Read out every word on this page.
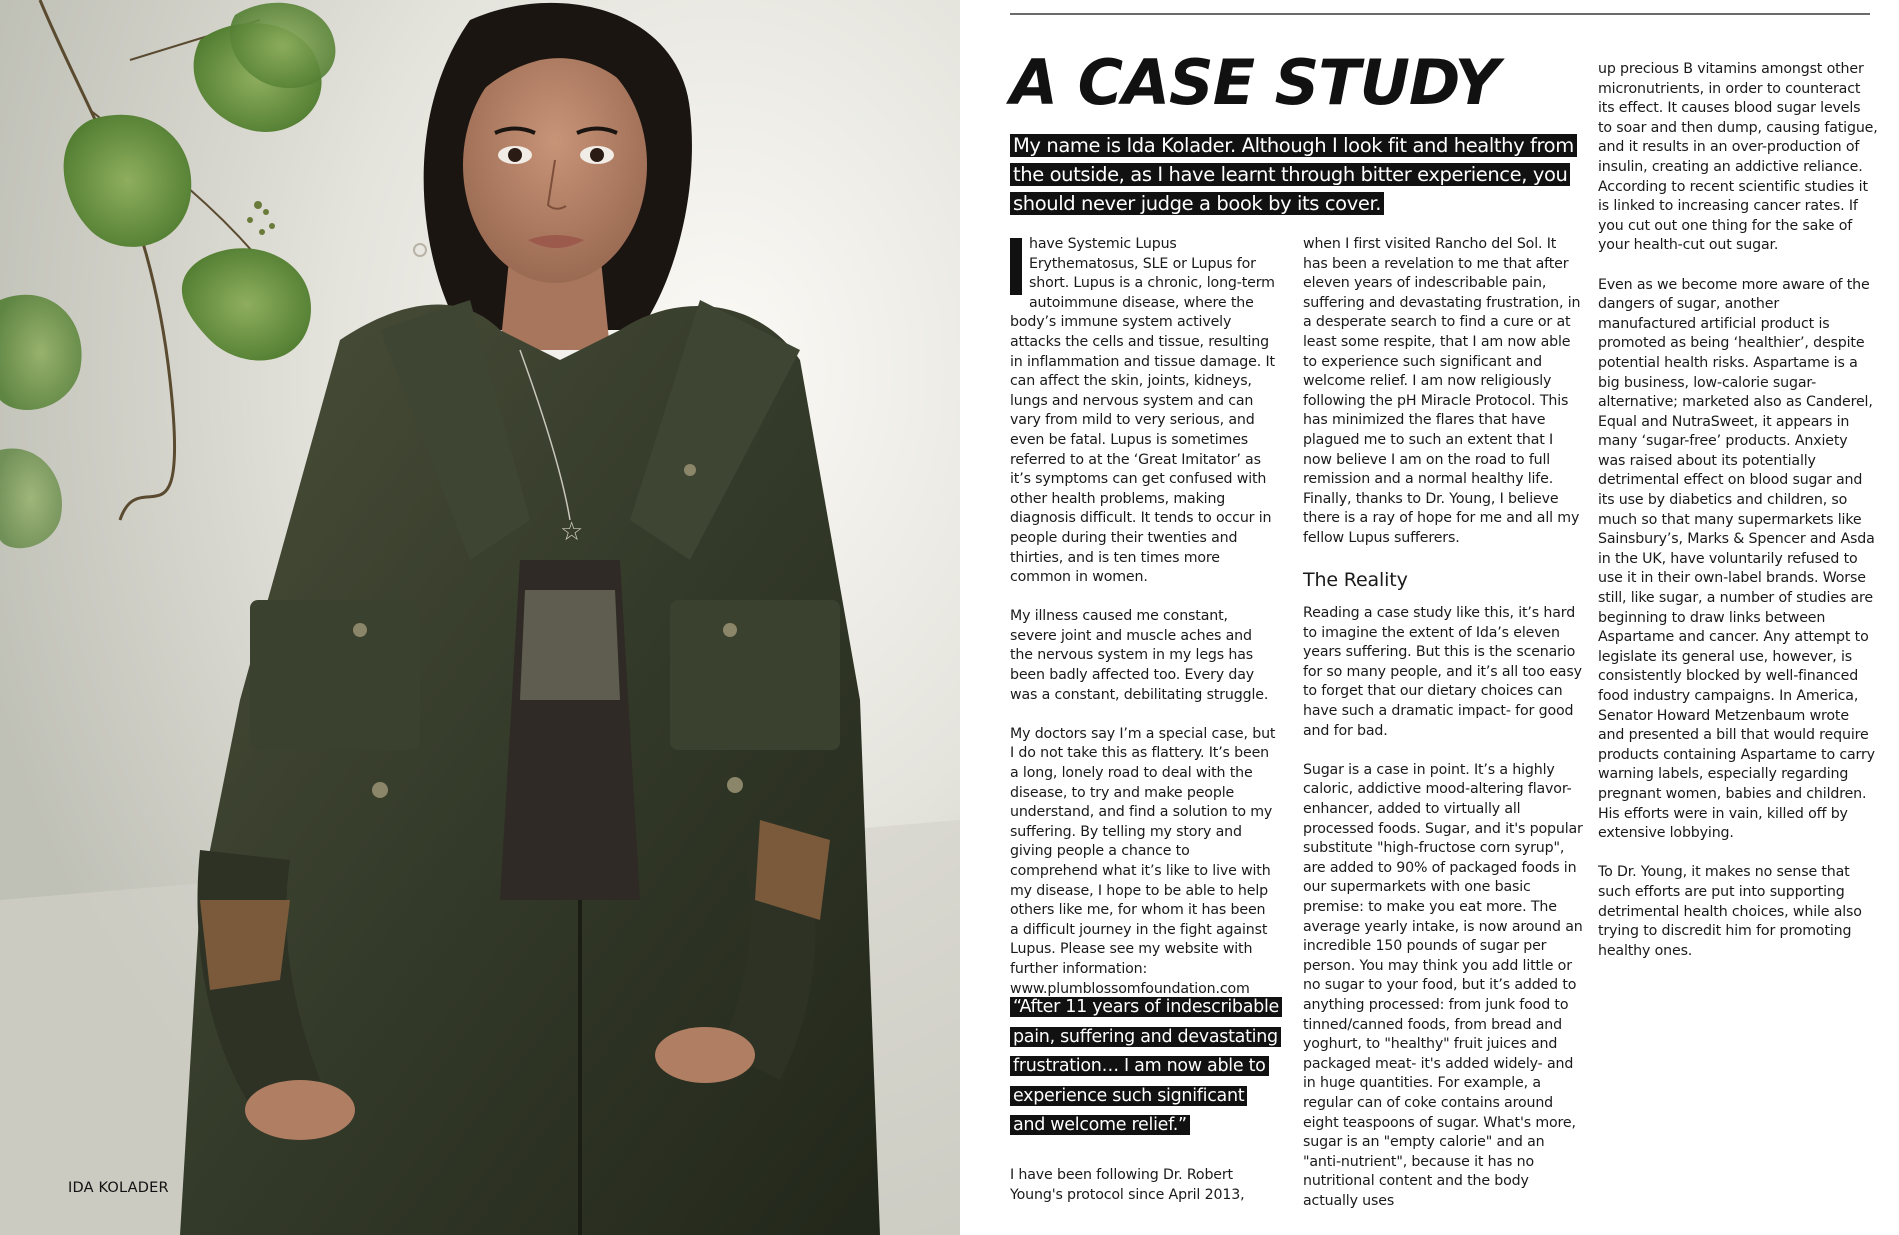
☆
IDA KOLADER
A CASE STUDY
My name is Ida Kolader. Although I look fit and healthy from the outside, as I have learnt through bitter experience, you should never judge a book by its cover.

have Systemic Lupus Erythematosus, SLE or Lupus for short. Lupus is a chronic, long-term autoimmune disease, where the body’s immune system actively attacks the cells and tissue, resulting in inflammation and tissue damage. It can affect the skin, joints, kidneys, lungs and nervous system and can vary from mild to very serious, and even be fatal. Lupus is sometimes referred to at the ‘Great Imitator’ as it’s symptoms can get confused with other health problems, making diagnosis difficult. It tends to occur in people during their twenties and thirties, and is ten times more common in women.

My illness caused me constant, severe joint and muscle aches and the nervous system in my legs has been badly affected too. Every day was a constant, debilitating struggle.

My doctors say I’m a special case, but I do not take this as flattery. It’s been a long, lonely road to deal with the disease, to try and make people understand, and find a solution to my suffering. By telling my story and giving people a chance to comprehend what it’s like to live with my disease, I hope to be able to help others like me, for whom it has been a difficult journey in the fight against Lupus. Please see my website with further information: www.plumblossomfoundation.com

“After 11 years of indescribable pain, suffering and devastating frustration… I am now able to experience such significant and welcome relief.”
I have been following Dr. Robert Young's protocol since April 2013,

when I first visited Rancho del Sol. It has been a revelation to me that after eleven years of indescribable pain, suffering and devastating frustration, in a desperate search to find a cure or at least some respite, that I am now able to experience such significant and welcome relief. I am now religiously following the pH Miracle Protocol. This has minimized the flares that have plagued me to such an extent that I now believe I am on the road to full remission and a normal healthy life. Finally, thanks to Dr. Young, I believe there is a ray of hope for me and all my fellow Lupus sufferers.

The Reality

Reading a case study like this, it’s hard to imagine the extent of Ida’s eleven years suffering. But this is the scenario for so many people, and it’s all too easy to forget that our dietary choices can have such a dramatic impact- for good and for bad.

Sugar is a case in point. It’s a highly caloric, addictive mood-altering flavor-enhancer, added to virtually all processed foods. Sugar, and it's popular substitute "high-fructose corn syrup", are added to 90% of packaged foods in our supermarkets with one basic premise: to make you eat more. The average yearly intake, is now around an incredible 150 pounds of sugar per person. You may think you add little or no sugar to your food, but it’s added to anything processed: from junk food to tinned/canned foods, from bread and yoghurt, to "healthy" fruit juices and packaged meat- it's added widely- and in huge quantities. For example, a regular can of coke contains around eight teaspoons of sugar. What's more, sugar is an "empty calorie" and an "anti-nutrient", because it has no nutritional content and the body actually uses

up precious B vitamins amongst other micronutrients, in order to counteract its effect. It causes blood sugar levels to soar and then dump, causing fatigue, and it results in an over-production of insulin, creating an addictive reliance. According to recent scientific studies it is linked to increasing cancer rates. If you cut out one thing for the sake of your health-cut out sugar.

Even as we become more aware of the dangers of sugar, another manufactured artificial product is promoted as being ‘healthier’, despite potential health risks. Aspartame is a big business, low-calorie sugar-alternative; marketed also as Canderel, Equal and NutraSweet, it appears in many ‘sugar-free’ products. Anxiety was raised about its potentially detrimental effect on blood sugar and its use by diabetics and children, so much so that many supermarkets like Sainsbury’s, Marks & Spencer and Asda in the UK, have voluntarily refused to use it in their own-label brands. Worse still, like sugar, a number of studies are beginning to draw links between Aspartame and cancer. Any attempt to legislate its general use, however, is consistently blocked by well-financed food industry campaigns. In America, Senator Howard Metzenbaum wrote and presented a bill that would require products containing Aspartame to carry warning labels, especially regarding pregnant women, babies and children. His efforts were in vain, killed off by extensive lobbying.

To Dr. Young, it makes no sense that such efforts are put into supporting detrimental health choices, while also trying to discredit him for promoting healthy ones.
